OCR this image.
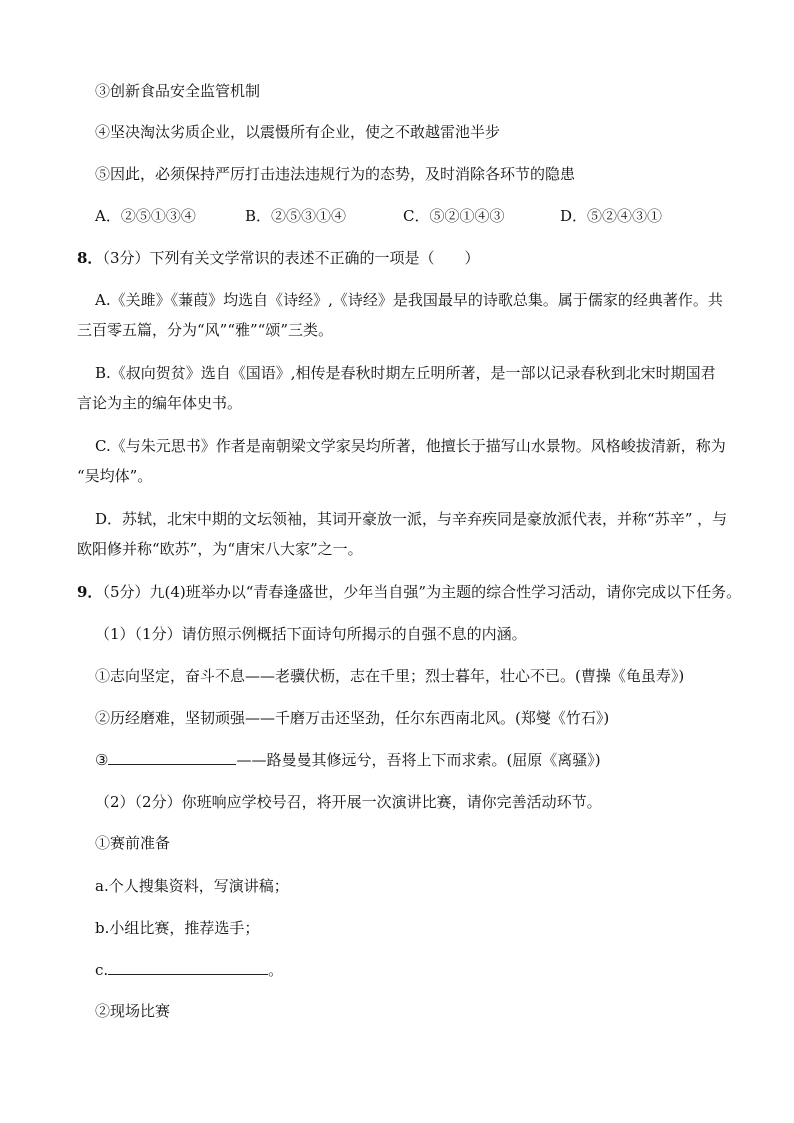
③创新食品安全监管机制
④坚决淘汰劣质企业，以震慑所有企业，使之不敢越雷池半步
⑤因此，必须保持严厉打击违法违规行为的态势，及时消除各环节的隐患
A．②⑤①③④	B．②⑤③①④	C．⑤②①④③	D．⑤②④③①
8．（3分）下列有关文学常识的表述不正确的一项是（　　）
A.《关雎》《蒹葭》均选自《诗经》,《诗经》是我国最早的诗歌总集。属于儒家的经典著作。共
三百零五篇，分为“风”“雅”“颂”三类。
B.《叔向贺贫》选自《国语》,相传是春秋时期左丘明所著，是一部以记录春秋到北宋时期国君
言论为主的编年体史书。
C.《与朱元思书》作者是南朝梁文学家吴均所著，他擅长于描写山水景物。风格峻拔清新，称为
“吴均体”。
D．苏轼，北宋中期的文坛领袖，其词开豪放一派，与辛弃疾同是豪放派代表，并称“苏辛” ，与
欧阳修并称“欧苏”，为“唐宋八大家”之一。
9．（5分）九(4)班举办以“青春逢盛世，少年当自强”为主题的综合性学习活动，请你完成以下任务。
（1）（1分）请仿照示例概括下面诗句所揭示的自强不息的内涵。
①志向坚定，奋斗不息——老骥伏枥，志在千里；烈士暮年，壮心不已。(曹操《龟虽寿》)
②历经磨难，坚韧顽强——千磨万击还坚劲，任尔东西南北风。(郑燮《竹石》)
③	——路曼曼其修远兮，吾将上下而求索。(屈原《离骚》)
（2）（2分）你班响应学校号召，将开展一次演讲比赛，请你完善活动环节。
①赛前准备
a.个人搜集资料，写演讲稿；
b.小组比赛，推荐选手；
c.	。
②现场比赛
